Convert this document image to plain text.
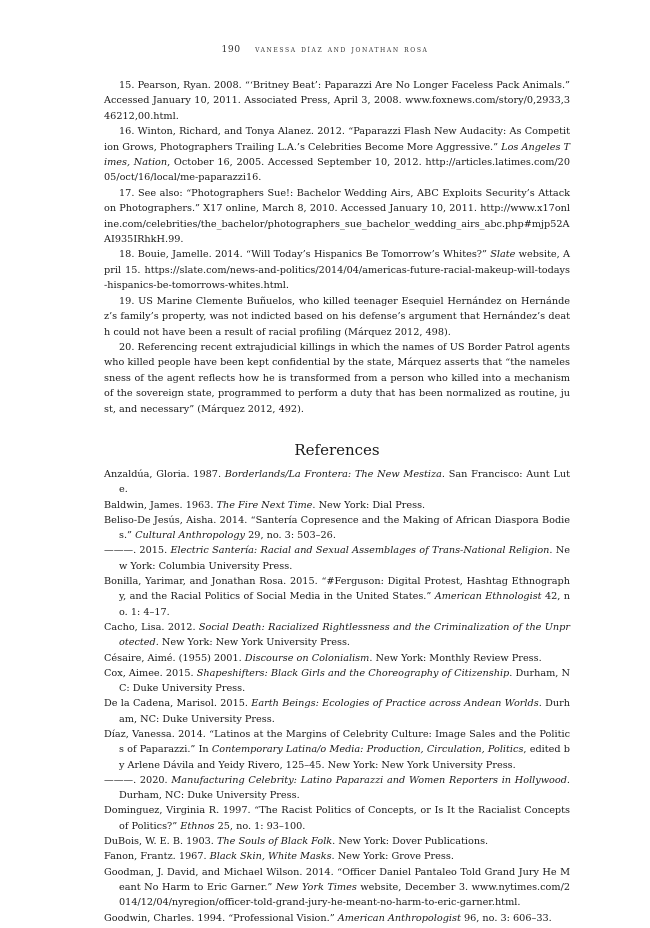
190 vanessa díaz and jonathan rosa

15. Pearson, Ryan. 2008. “‘Britney Beat’: Paparazzi Are No Longer Faceless Pack Animals.” Accessed January 10, 2011. Associated Press, April 3, 2008. www.foxnews.com/story/0,2933,346212,00.html.

16. Winton, Richard, and Tonya Alanez. 2012. “Paparazzi Flash New Audacity: As Competition Grows, Photographers Trailing L.A.’s Celebrities Become More Aggressive.” Los Angeles Times, Nation, October 16, 2005. Accessed September 10, 2012. http://articles.latimes.com/2005/oct/16/local/me-paparazzi16.

17. See also: “Photographers Sue!: Bachelor Wedding Airs, ABC Exploits Security’s Attack on Photographers.” X17 online, March 8, 2010. Accessed January 10, 2011. http://www.x17online.com/celebrities/the_bachelor/photographers_sue_bachelor_wedding_airs_abc.php#mjp52AAI935IRhkH.99.

18. Bouie, Jamelle. 2014. “Will Today’s Hispanics Be Tomorrow’s Whites?” Slate website, April 15. https://slate.com/news-and-politics/2014/04/americas-future-racial-makeup-will-todays-hispanics-be-tomorrows-whites.html.

19. US Marine Clemente Buñuelos, who killed teenager Esequiel Hernández on Hernández’s family’s property, was not indicted based on his defense’s argument that Hernández’s death could not have been a result of racial profiling (Márquez 2012, 498).

20. Referencing recent extrajudicial killings in which the names of US Border Patrol agents who killed people have been kept confidential by the state, Márquez asserts that “the namelessness of the agent reflects how he is transformed from a person who killed into a mechanism of the sovereign state, programmed to perform a duty that has been normalized as routine, just, and necessary” (Márquez 2012, 492).

References

Anzaldúa, Gloria. 1987. Borderlands/La Frontera: The New Mestiza. San Francisco: Aunt Lute.

Baldwin, James. 1963. The Fire Next Time. New York: Dial Press.

Beliso-De Jesús, Aisha. 2014. “Santería Copresence and the Making of African Diaspora Bodies.” Cultural Anthropology 29, no. 3: 503–26.

———. 2015. Electric Santería: Racial and Sexual Assemblages of Trans-National Religion. New York: Columbia University Press.

Bonilla, Yarimar, and Jonathan Rosa. 2015. “#Ferguson: Digital Protest, Hashtag Ethnography, and the Racial Politics of Social Media in the United States.” American Ethnologist 42, no. 1: 4–17.

Cacho, Lisa. 2012. Social Death: Racialized Rightlessness and the Criminalization of the Unprotected. New York: New York University Press.

Césaire, Aimé. (1955) 2001. Discourse on Colonialism. New York: Monthly Review Press.

Cox, Aimee. 2015. Shapeshifters: Black Girls and the Choreography of Citizenship. Durham, NC: Duke University Press.

De la Cadena, Marisol. 2015. Earth Beings: Ecologies of Practice across Andean Worlds. Durham, NC: Duke University Press.

Díaz, Vanessa. 2014. “Latinos at the Margins of Celebrity Culture: Image Sales and the Politics of Paparazzi.” In Contemporary Latina/o Media: Production, Circulation, Politics, edited by Arlene Dávila and Yeidy Rivero, 125–45. New York: New York University Press.

———. 2020. Manufacturing Celebrity: Latino Paparazzi and Women Reporters in Hollywood. Durham, NC: Duke University Press.

Dominguez, Virginia R. 1997. “The Racist Politics of Concepts, or Is It the Racialist Concepts of Politics?” Ethnos 25, no. 1: 93–100.

DuBois, W. E. B. 1903. The Souls of Black Folk. New York: Dover Publications.

Fanon, Frantz. 1967. Black Skin, White Masks. New York: Grove Press.

Goodman, J. David, and Michael Wilson. 2014. “Officer Daniel Pantaleo Told Grand Jury He Meant No Harm to Eric Garner.” New York Times website, December 3. www.nytimes.com/2014/12/04/nyregion/officer-told-grand-jury-he-meant-no-harm-to-eric-garner.html.

Goodwin, Charles. 1994. “Professional Vision.” American Anthropologist 96, no. 3: 606–33.
